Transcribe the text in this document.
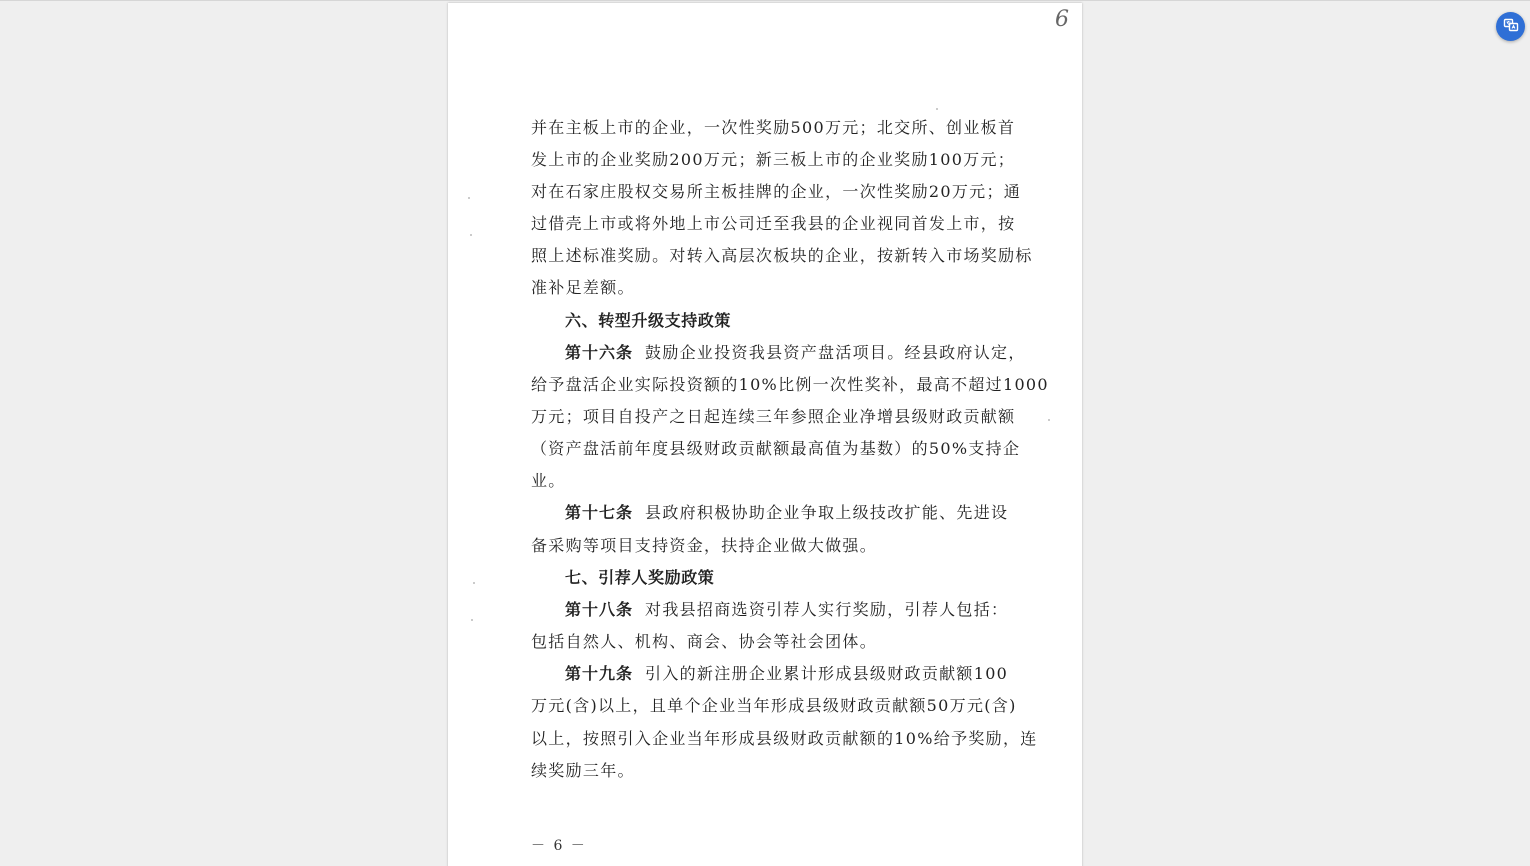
6
并在主板上市的企业，一次性奖励500万元；北交所、创业板首
发上市的企业奖励200万元；新三板上市的企业奖励100万元；
对在石家庄股权交易所主板挂牌的企业，一次性奖励20万元；通
过借壳上市或将外地上市公司迁至我县的企业视同首发上市，按
照上述标准奖励。对转入高层次板块的企业，按新转入市场奖励标
准补足差额。
六、转型升级支持政策
第十六条 鼓励企业投资我县资产盘活项目。经县政府认定，
给予盘活企业实际投资额的10%比例一次性奖补，最高不超过1000
万元；项目自投产之日起连续三年参照企业净增县级财政贡献额
（资产盘活前年度县级财政贡献额最高值为基数）的50%支持企
业。
第十七条 县政府积极协助企业争取上级技改扩能、先进设
备采购等项目支持资金，扶持企业做大做强。
七、引荐人奖励政策
第十八条 对我县招商选资引荐人实行奖励，引荐人包括：
包括自然人、机构、商会、协会等社会团体。
第十九条 引入的新注册企业累计形成县级财政贡献额100
万元(含)以上，且单个企业当年形成县级财政贡献额50万元(含)
以上，按照引入企业当年形成县级财政贡献额的10%给予奖励，连
续奖励三年。
－ 6 －
